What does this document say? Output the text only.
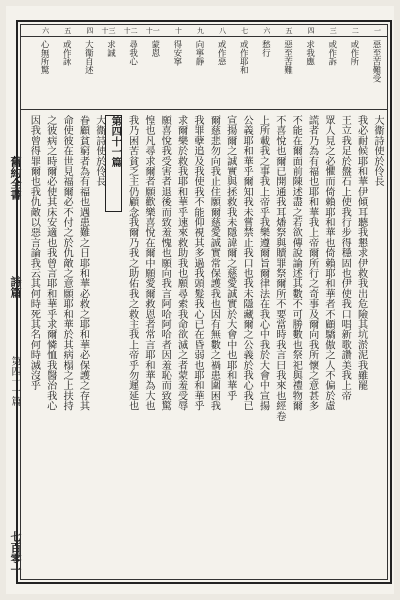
舊約全書
詩篇
第四十一篇
七百零一
一
二
三
四
五
六
七
八
九
十
十一
十二
十三
四
五
六
惡至苦難受
或作所
或作訴
求我應
惡至苦難
愁行
或作耶和
或作惡
向寧靜
得安寧
蒙恩
尋我心
求誠
大衞自述
或作詠
心無所驚
大衞詩使於伶長
我必耐候耶和華伊傾耳聽我懇求伊救我出危險其坑淤泥我雖罷
王立我足於盤石上使我行步得穩固也伊使我口唱新歌讚美我上帝
眾人見之必懼而倚賴耶和華也倚賴耶和華者不顧驕傲之人不偏於虛
謊者乃為有福也耶和華我上帝爾所行之奇事及爾向我所懷之意甚多
不能在爾面前陳述盡之若欲傳說論述其數不可勝數也祭祀與禮物爾
不喜悅也爾已開通我耳燔祭與贖罪祭爾所不要當時我言曰我來也經卷
上所載我之事我上帝乎我樂遵爾旨爾律法在我心中我於大會中宣揚
公義耶和華乎爾知我未嘗禁止我口也我未隱藏爾之公義於我心我已
宣揚爾之誠實與拯救我未隱諱爾之慈愛誠實於大會中也耶和華乎
爾慈悲勿向我止住願爾慈愛誠實常保護我也因有無數之禍患圍困我
我罪孽追及我使我不能仰視其多過我頭髮我心已在昏弱也耶和華乎
求爾樂於救我耶和華乎速來救助我也願尋索我命欲滅之者蒙羞受辱
願喜悅我受害者退後而致羞愧也願向我言阿哈阿哈者因羞恥而致驚
惶也凡尋求爾者願歡樂喜悅在爾中願愛爾救恩者常言耶和華為大也
我乃困苦貧乏主仍顧念我爾乃我之助佑我之救主我上帝乎勿遲延也
第四十一篇
大衞詩使於伶長
眷顧貧窮者為有福也遇患難之日耶和華必救之耶和華必保護之存其
命使彼在世見福爾必不付之於仇敵之意願耶和華於其病榻之上扶持
之彼病之時爾必使其床安適也我曾言耶和華乎求爾憐恤我醫治我心
因我曾得罪爾也我仇敵以惡言論我云其何時死其名何時滅沒乎
